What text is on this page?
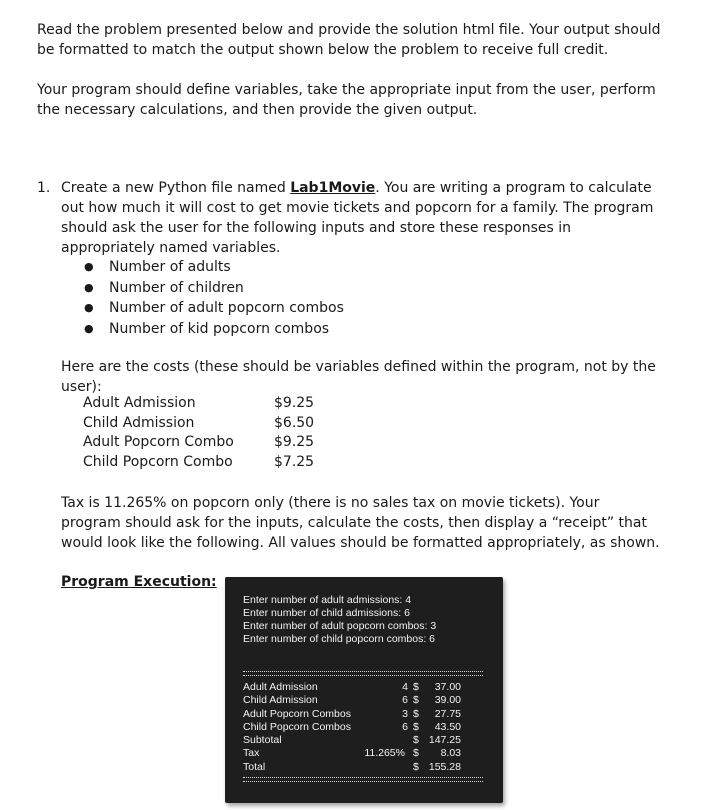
Read the problem presented below and provide the solution html file. Your output should be formatted to match the output shown below the problem to receive full credit.

Your program should define variables, take the appropriate input from the user, perform the necessary calculations, and then provide the given output.

1. Create a new Python file named Lab1Movie. You are writing a program to calculate out how much it will cost to get movie tickets and popcorn for a family. The program should ask the user for the following inputs and store these responses in appropriately named variables.
● Number of adults
● Number of children
● Number of adult popcorn combos
● Number of kid popcorn combos
Here are the costs (these should be variables defined within the program, not by the user):
Adult Admission	$9.25
Child Admission	$6.50
Adult Popcorn Combo	$9.25
Child Popcorn Combo	$7.25
Tax is 11.265% on popcorn only (there is no sales tax on movie tickets). Your program should ask for the inputs, calculate the costs, then display a “receipt” that would look like the following. All values should be formatted appropriately, as shown.
Program Execution:
Enter number of adult admissions: 4
Enter number of child admissions: 6
Enter number of adult popcorn combos: 3
Enter number of child popcorn combos: 6
Adult Admission	4 $ 37.00
Child Admission	6 $ 39.00
Adult Popcorn Combos	3 $ 27.75
Child Popcorn Combos	6 $ 43.50
Subtotal	$ 147.25
Tax	11.265% $ 8.03
Total	$ 155.28
